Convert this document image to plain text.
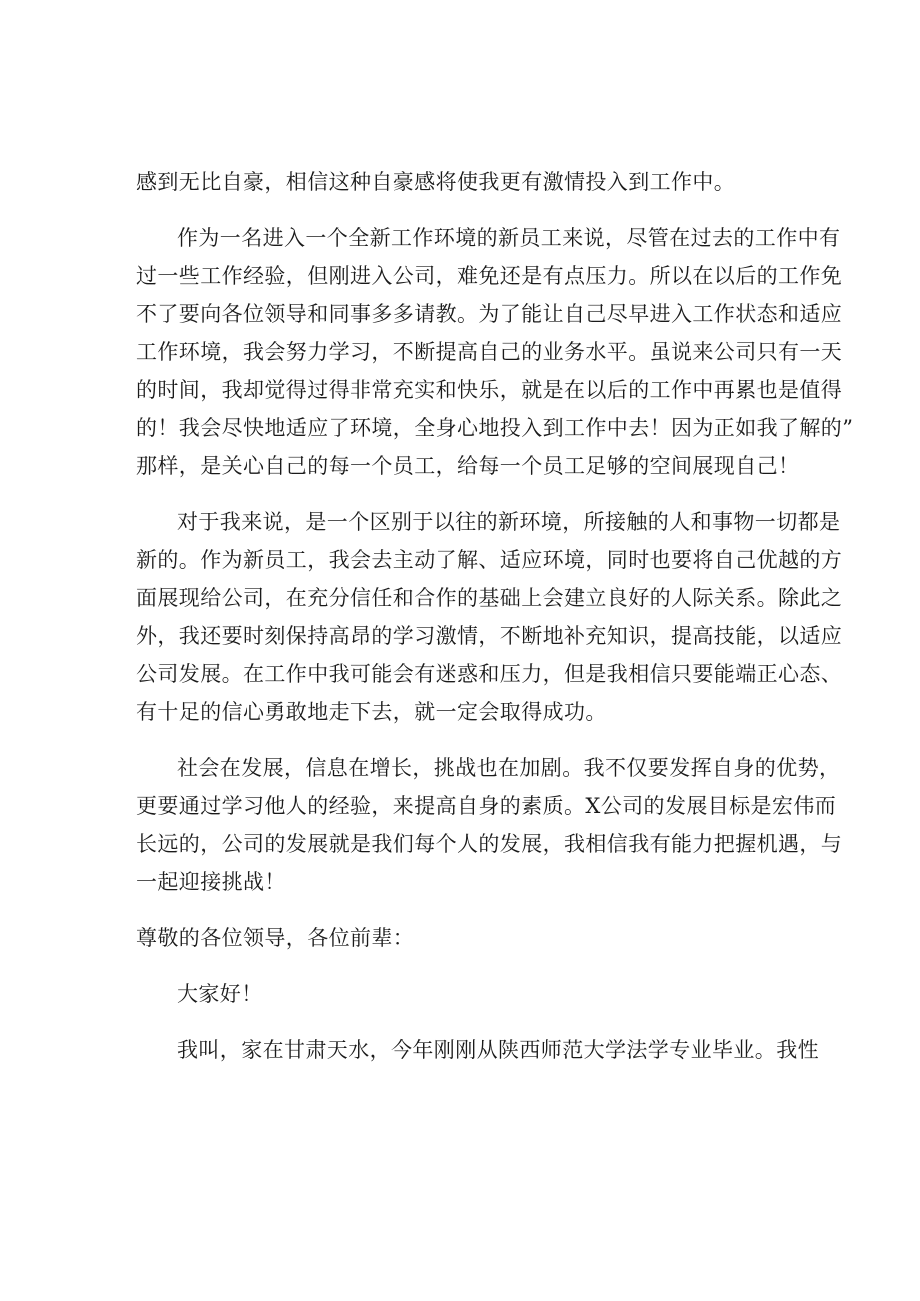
感到无比自豪，相信这种自豪感将使我更有激情投入到工作中。
作为一名进入一个全新工作环境的新员工来说，尽管在过去的工作中有
过一些工作经验，但刚进入公司，难免还是有点压力。所以在以后的工作免
不了要向各位领导和同事多多请教。为了能让自己尽早进入工作状态和适应
工作环境，我会努力学习，不断提高自己的业务水平。虽说来公司只有一天
的时间，我却觉得过得非常充实和快乐，就是在以后的工作中再累也是值得
的！我会尽快地适应了环境，全身心地投入到工作中去！因为正如我了解的”
那样，是关心自己的每一个员工，给每一个员工足够的空间展现自己！
对于我来说，是一个区别于以往的新环境，所接触的人和事物一切都是
新的。作为新员工，我会去主动了解、适应环境，同时也要将自己优越的方
面展现给公司，在充分信任和合作的基础上会建立良好的人际关系。除此之
外，我还要时刻保持高昂的学习激情，不断地补充知识，提高技能，以适应
公司发展。在工作中我可能会有迷惑和压力，但是我相信只要能端正心态、
有十足的信心勇敢地走下去，就一定会取得成功。
社会在发展，信息在增长，挑战也在加剧。我不仅要发挥自身的优势，
更要通过学习他人的经验，来提高自身的素质。X公司的发展目标是宏伟而
长远的，公司的发展就是我们每个人的发展，我相信我有能力把握机遇，与
一起迎接挑战！
尊敬的各位领导，各位前辈：
大家好！
我叫，家在甘肃天水，今年刚刚从陕西师范大学法学专业毕业。我性
